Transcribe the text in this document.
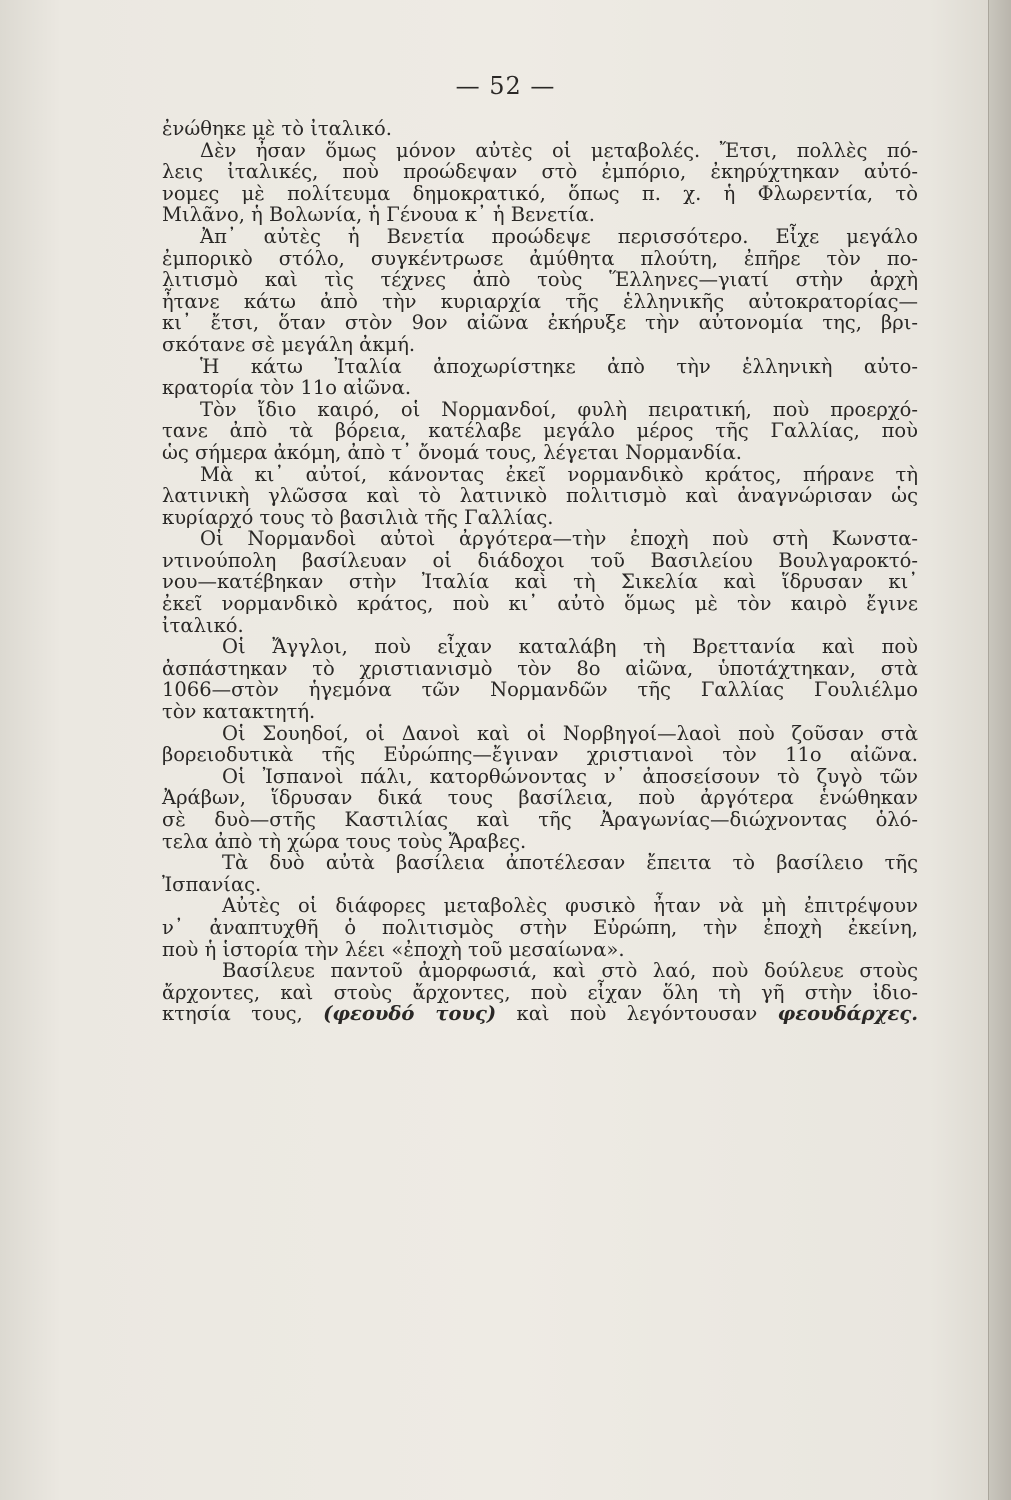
— 52 —

ἐνώθηκε μὲ τὸ ἰταλικό.

Δὲν ἦσαν ὅμως μόνον αὐτὲς οἱ μεταβολές. Ἔτσι, πολλὲς πό-

λεις ἰταλικές, ποὺ προώδεψαν στὸ ἐμπόριο, ἐκηρύχτηκαν αὐτό-

νομες μὲ πολίτευμα δημοκρατικό, ὅπως π. χ. ἡ Φλωρεντία, τὸ

Μιλᾶνο, ἡ Βολωνία, ἡ Γένουα κ᾽ ἡ Βενετία.

Ἀπ᾽ αὐτὲς ἡ Βενετία προώδεψε περισσότερο. Εἶχε μεγάλο

ἐμπορικὸ στόλο, συγκέντρωσε ἀμύθητα πλούτη, ἐπῆρε τὸν πο-

λιτισμὸ καὶ τὶς τέχνες ἀπὸ τοὺς Ἕλληνες—γιατί στὴν ἀρχὴ

ἦτανε κάτω ἀπὸ τὴν κυριαρχία τῆς ἑλληνικῆς αὐτοκρατορίας—

κι᾽ ἔτσι, ὅταν στὸν 9ον αἰῶνα ἐκήρυξε τὴν αὐτονομία της, βρι-

σκότανε σὲ μεγάλη ἀκμή.

Ἡ κάτω Ἰταλία ἀποχωρίστηκε ἀπὸ τὴν ἑλληνικὴ αὐτο-

κρατορία τὸν 11ο αἰῶνα.

Τὸν ἴδιο καιρό, οἱ Νορμανδοί, φυλὴ πειρατική, ποὺ προερχό-

τανε ἀπὸ τὰ βόρεια, κατέλαβε μεγάλο μέρος τῆς Γαλλίας, ποὺ

ὡς σήμερα ἀκόμη, ἀπὸ τ᾽ ὄνομά τους, λέγεται Νορμανδία.

Μὰ κι᾽ αὐτοί, κάνοντας ἐκεῖ νορμανδικὸ κράτος, πήρανε τὴ

λατινικὴ γλῶσσα καὶ τὸ λατινικὸ πολιτισμὸ καὶ ἀναγνώρισαν ὡς

κυρίαρχό τους τὸ βασιλιὰ τῆς Γαλλίας.

Οἱ Νορμανδοὶ αὐτοὶ ἀργότερα—τὴν ἐποχὴ ποὺ στὴ Κωνστα-

ντινούπολη βασίλευαν οἱ διάδοχοι τοῦ Βασιλείου Βουλγαροκτό-

νου—κατέβηκαν στὴν Ἰταλία καὶ τὴ Σικελία καὶ ἵδρυσαν κι᾽

ἐκεῖ νορμανδικὸ κράτος, ποὺ κι᾽ αὐτὸ ὅμως μὲ τὸν καιρὸ ἔγινε

ἰταλικό.

Οἱ Ἄγγλοι, ποὺ εἶχαν καταλάβη τὴ Βρεττανία καὶ ποὺ

ἀσπάστηκαν τὸ χριστιανισμὸ τὸν 8ο αἰῶνα, ὑποτάχτηκαν, στὰ

1066—στὸν ἡγεμόνα τῶν Νορμανδῶν τῆς Γαλλίας Γουλιέλμο

τὸν κατακτητή.

Οἱ Σουηδοί, οἱ Δανοὶ καὶ οἱ Νορβηγοί—λαοὶ ποὺ ζοῦσαν στὰ

βορειοδυτικὰ τῆς Εὐρώπης—ἔγιναν χριστιανοὶ τὸν 11ο αἰῶνα.

Οἱ Ἰσπανοὶ πάλι, κατορθώνοντας ν᾽ ἀποσείσουν τὸ ζυγὸ τῶν

Ἀράβων, ἵδρυσαν δικά τους βασίλεια, ποὺ ἀργότερα ἑνώθηκαν

σὲ δυὸ—στῆς Καστιλίας καὶ τῆς Ἀραγωνίας—διώχνοντας ὁλό-

τελα ἀπὸ τὴ χώρα τους τοὺς Ἄραβες.

Τὰ δυὸ αὐτὰ βασίλεια ἀποτέλεσαν ἔπειτα τὸ βασίλειο τῆς

Ἰσπανίας.

Αὐτὲς οἱ διάφορες μεταβολὲς φυσικὸ ἦταν νὰ μὴ ἐπιτρέψουν

ν᾽ ἀναπτυχθῆ ὁ πολιτισμὸς στὴν Εὐρώπη, τὴν ἐποχὴ ἐκείνη,

ποὺ ἡ ἱστορία τὴν λέει «ἐποχὴ τοῦ μεσαίωνα».

Βασίλευε παντοῦ ἀμορφωσιά, καὶ στὸ λαό, ποὺ δούλευε στοὺς

ἄρχοντες, καὶ στοὺς ἄρχοντες, ποὺ εἶχαν ὅλη τὴ γῆ στὴν ἰδιο-

κτησία τους, (φεουδό τους) καὶ ποὺ λεγόντουσαν φεουδάρχες.
